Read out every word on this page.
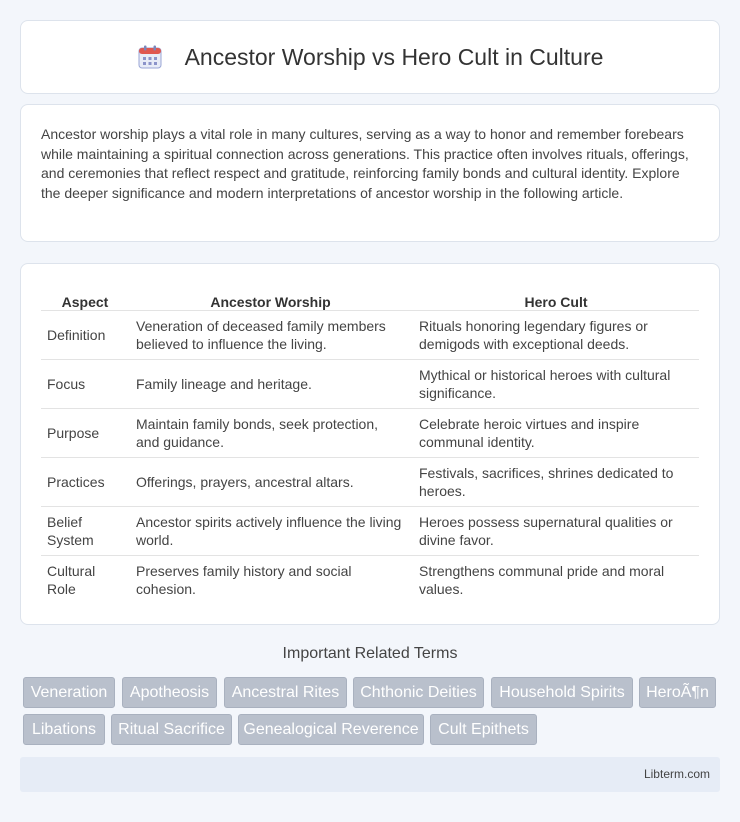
Ancestor Worship vs Hero Cult in Culture

Ancestor worship plays a vital role in many cultures, serving as a way to honor and remember forebears while maintaining a spiritual connection across generations. This practice often involves rituals, offerings, and ceremonies that reflect respect and gratitude, reinforcing family bonds and cultural identity. Explore the deeper significance and modern interpretations of ancestor worship in the following article.

Aspect	Ancestor Worship	Hero Cult
Definition	Veneration of deceased family members believed to influence the living.	Rituals honoring legendary figures or demigods with exceptional deeds.
Focus	Family lineage and heritage.	Mythical or historical heroes with cultural significance.
Purpose	Maintain family bonds, seek protection, and guidance.	Celebrate heroic virtues and inspire communal identity.
Practices	Offerings, prayers, ancestral altars.	Festivals, sacrifices, shrines dedicated to heroes.
Belief System	Ancestor spirits actively influence the living world.	Heroes possess supernatural qualities or divine favor.
Cultural Role	Preserves family history and social cohesion.	Strengthens communal pride and moral values.
Important Related Terms
Veneration	Apotheosis	Ancestral Rites	Chthonic Deities	Household Spirits	HeroÃ¶n
Libations	Ritual Sacrifice	Genealogical Reverence	Cult Epithets
Libterm.com
